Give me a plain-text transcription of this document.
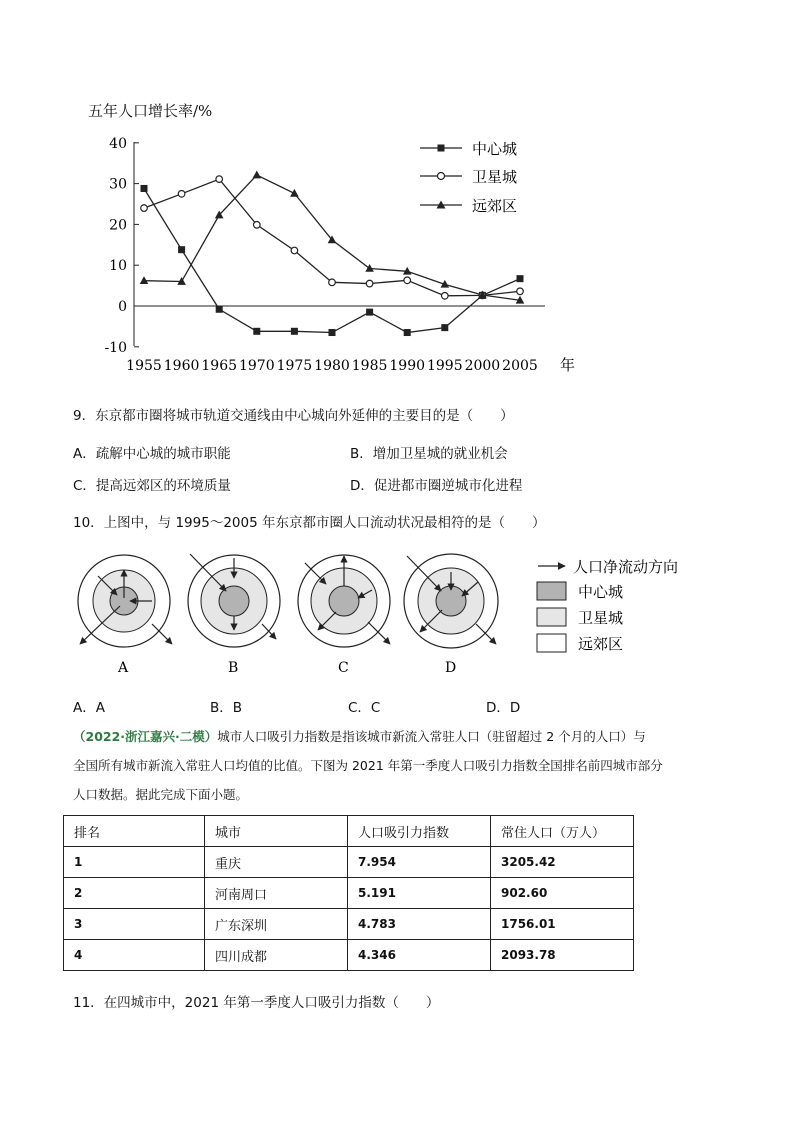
五年人口增长率/%
40
30
20
10
0
-10
1955 1960 1965 1970 1975 1980 1985 1990 1995 2000 2005 年
中心城
卫星城
远郊区
9．东京都市圈将城市轨道交通线由中心城向外延伸的主要目的是（　　）
A．疏解中心城的城市职能	B．增加卫星城的就业机会
C．提高远郊区的环境质量	D．促进都市圈逆城市化进程
10．上图中，与 1995～2005 年东京都市圈人口流动状况最相符的是（　　）
A	B	C	D
人口净流动方向
中心城
卫星城
远郊区
A．A	B．B	C．C	D．D
（2022·浙江嘉兴·二模）城市人口吸引力指数是指该城市新流入常驻人口（驻留超过 2 个月的人口）与
全国所有城市新流入常驻人口均值的比值。下图为 2021 年第一季度人口吸引力指数全国排名前四城市部分
人口数据。据此完成下面小题。
排名	城市	人口吸引力指数	常住人口（万人）
1	重庆	7.954	3205.42
2	河南周口	5.191	902.60
3	广东深圳	4.783	1756.01
4	四川成都	4.346	2093.78
11．在四城市中，2021 年第一季度人口吸引力指数（　　）
